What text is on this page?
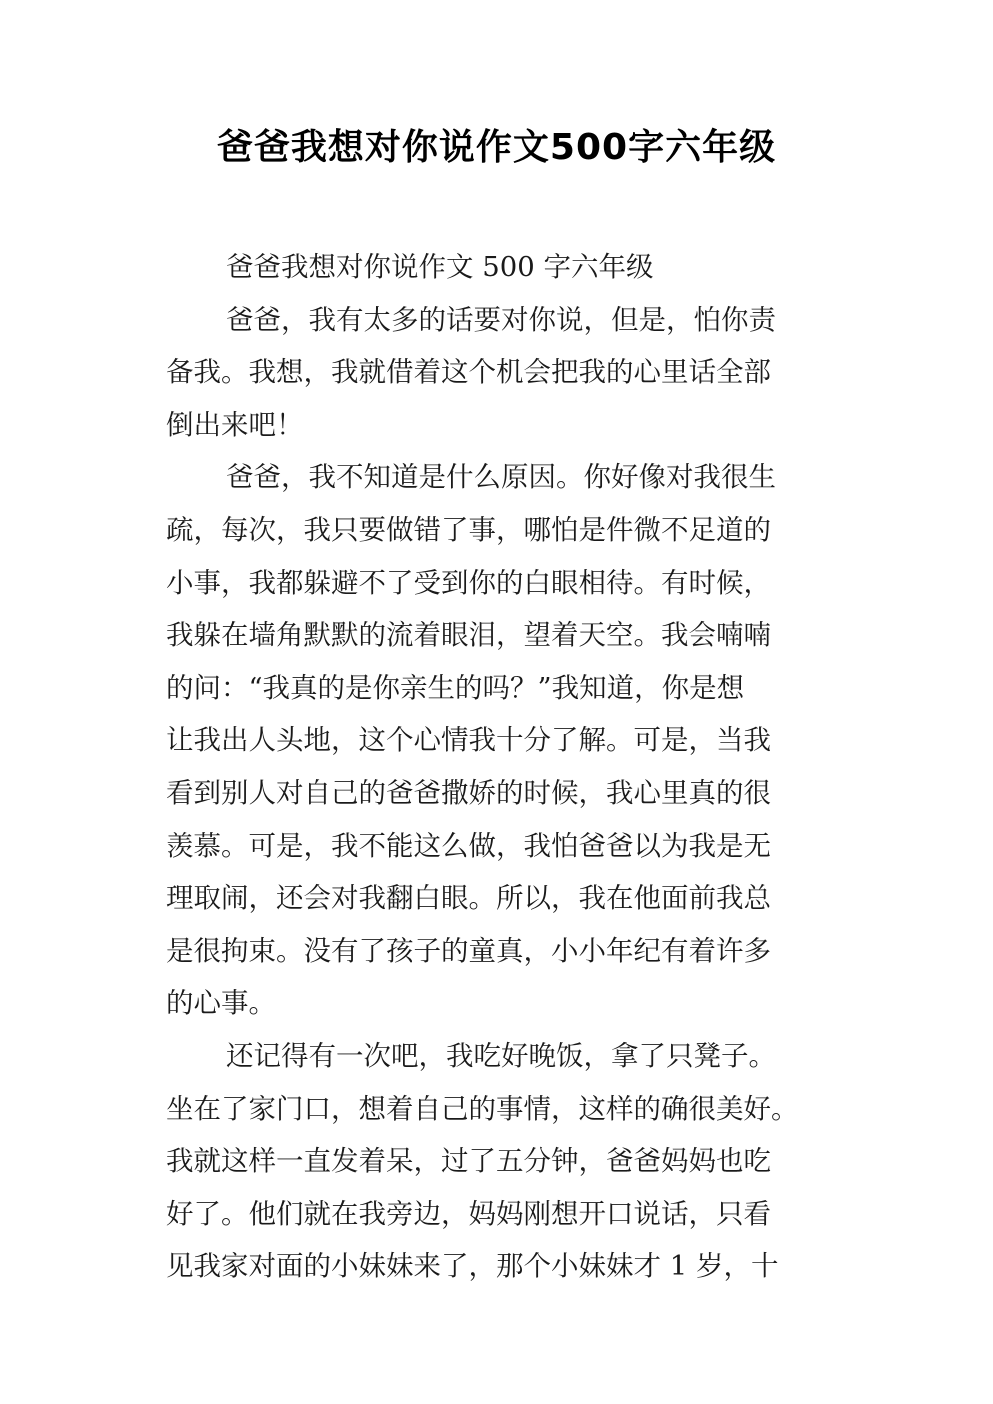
爸爸我想对你说作文500字六年级
爸爸我想对你说作文 500 字六年级
爸爸，我有太多的话要对你说，但是，怕你责
备我。我想，我就借着这个机会把我的心里话全部
倒出来吧！
爸爸，我不知道是什么原因。你好像对我很生
疏，每次，我只要做错了事，哪怕是件微不足道的
小事，我都躲避不了受到你的白眼相待。有时候，
我躲在墙角默默的流着眼泪，望着天空。我会喃喃
的问：“我真的是你亲生的吗？”我知道，你是想
让我出人头地，这个心情我十分了解。可是，当我
看到别人对自己的爸爸撒娇的时候，我心里真的很
羡慕。可是，我不能这么做，我怕爸爸以为我是无
理取闹，还会对我翻白眼。所以，我在他面前我总
是很拘束。没有了孩子的童真，小小年纪有着许多
的心事。
还记得有一次吧，我吃好晚饭，拿了只凳子。
坐在了家门口，想着自己的事情，这样的确很美好。
我就这样一直发着呆，过了五分钟，爸爸妈妈也吃
好了。他们就在我旁边，妈妈刚想开口说话，只看
见我家对面的小妹妹来了，那个小妹妹才 1 岁，十
